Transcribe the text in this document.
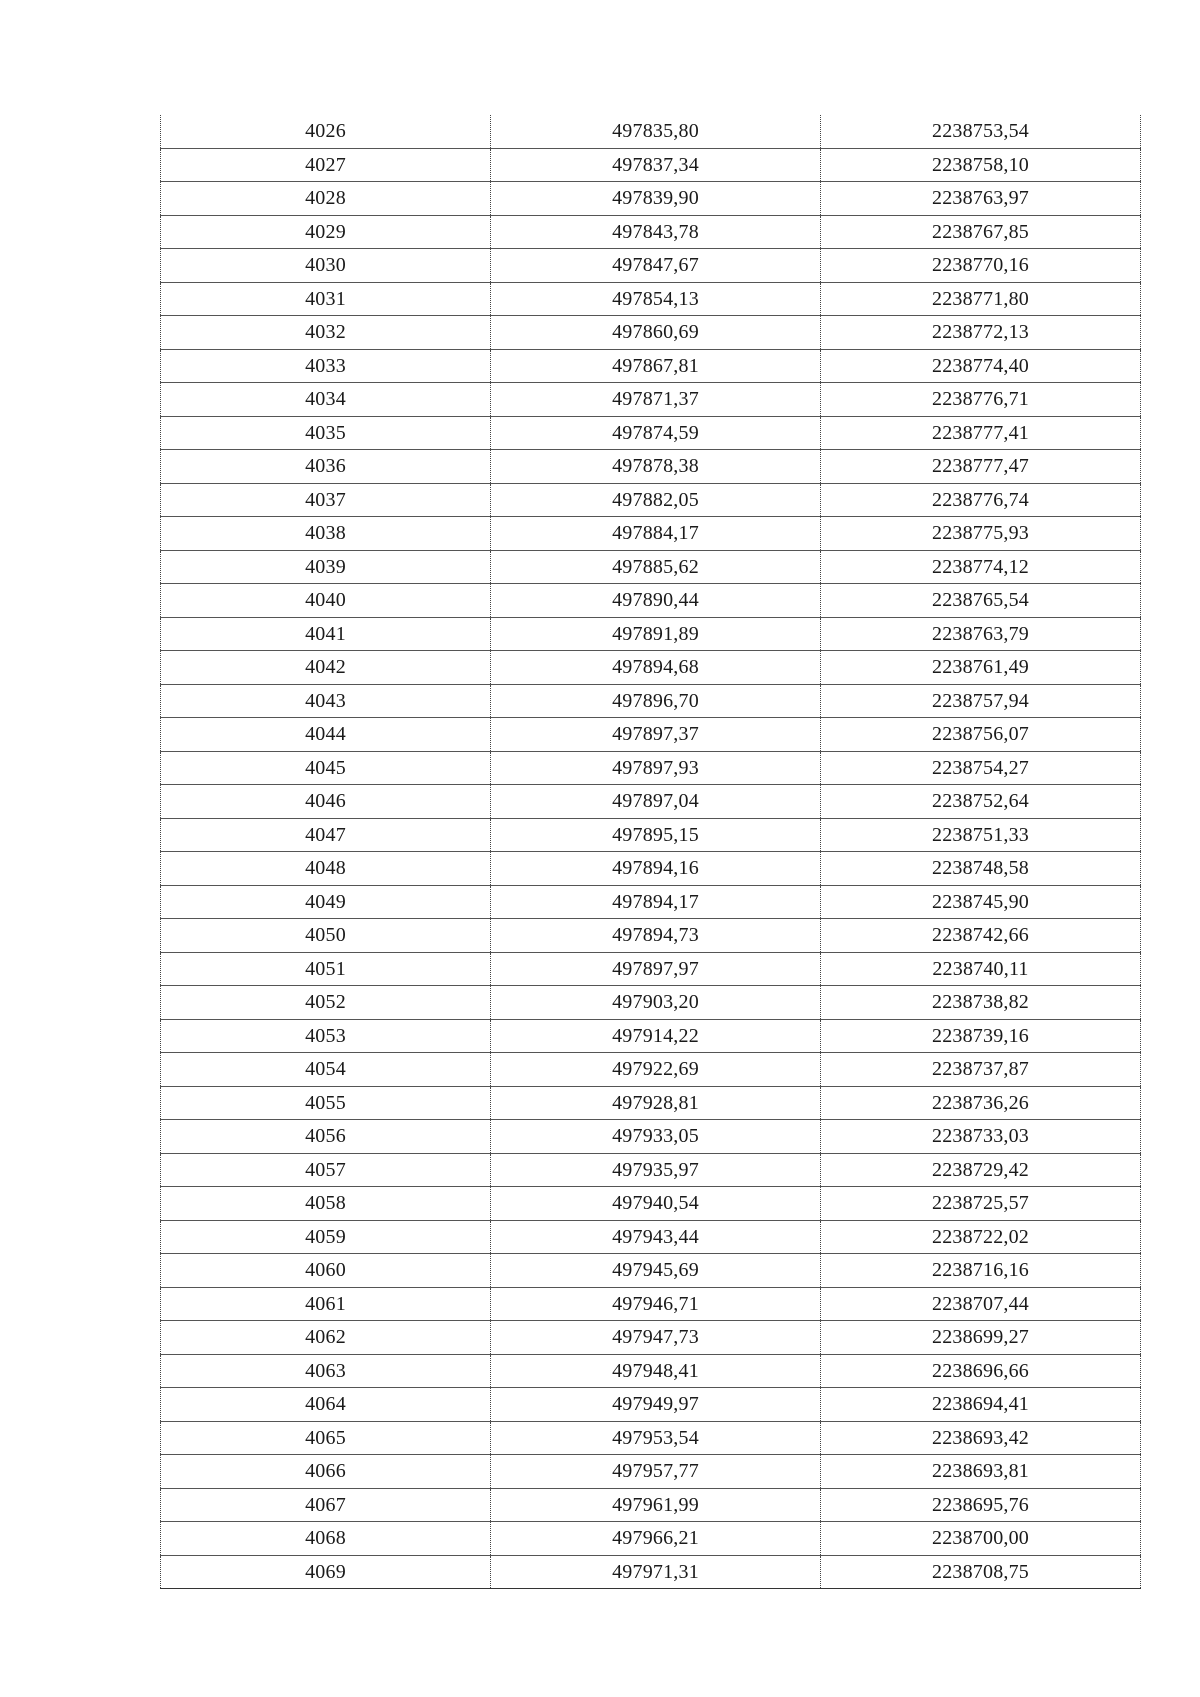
4026	497835,80	2238753,54
4027	497837,34	2238758,10
4028	497839,90	2238763,97
4029	497843,78	2238767,85
4030	497847,67	2238770,16
4031	497854,13	2238771,80
4032	497860,69	2238772,13
4033	497867,81	2238774,40
4034	497871,37	2238776,71
4035	497874,59	2238777,41
4036	497878,38	2238777,47
4037	497882,05	2238776,74
4038	497884,17	2238775,93
4039	497885,62	2238774,12
4040	497890,44	2238765,54
4041	497891,89	2238763,79
4042	497894,68	2238761,49
4043	497896,70	2238757,94
4044	497897,37	2238756,07
4045	497897,93	2238754,27
4046	497897,04	2238752,64
4047	497895,15	2238751,33
4048	497894,16	2238748,58
4049	497894,17	2238745,90
4050	497894,73	2238742,66
4051	497897,97	2238740,11
4052	497903,20	2238738,82
4053	497914,22	2238739,16
4054	497922,69	2238737,87
4055	497928,81	2238736,26
4056	497933,05	2238733,03
4057	497935,97	2238729,42
4058	497940,54	2238725,57
4059	497943,44	2238722,02
4060	497945,69	2238716,16
4061	497946,71	2238707,44
4062	497947,73	2238699,27
4063	497948,41	2238696,66
4064	497949,97	2238694,41
4065	497953,54	2238693,42
4066	497957,77	2238693,81
4067	497961,99	2238695,76
4068	497966,21	2238700,00
4069	497971,31	2238708,75
